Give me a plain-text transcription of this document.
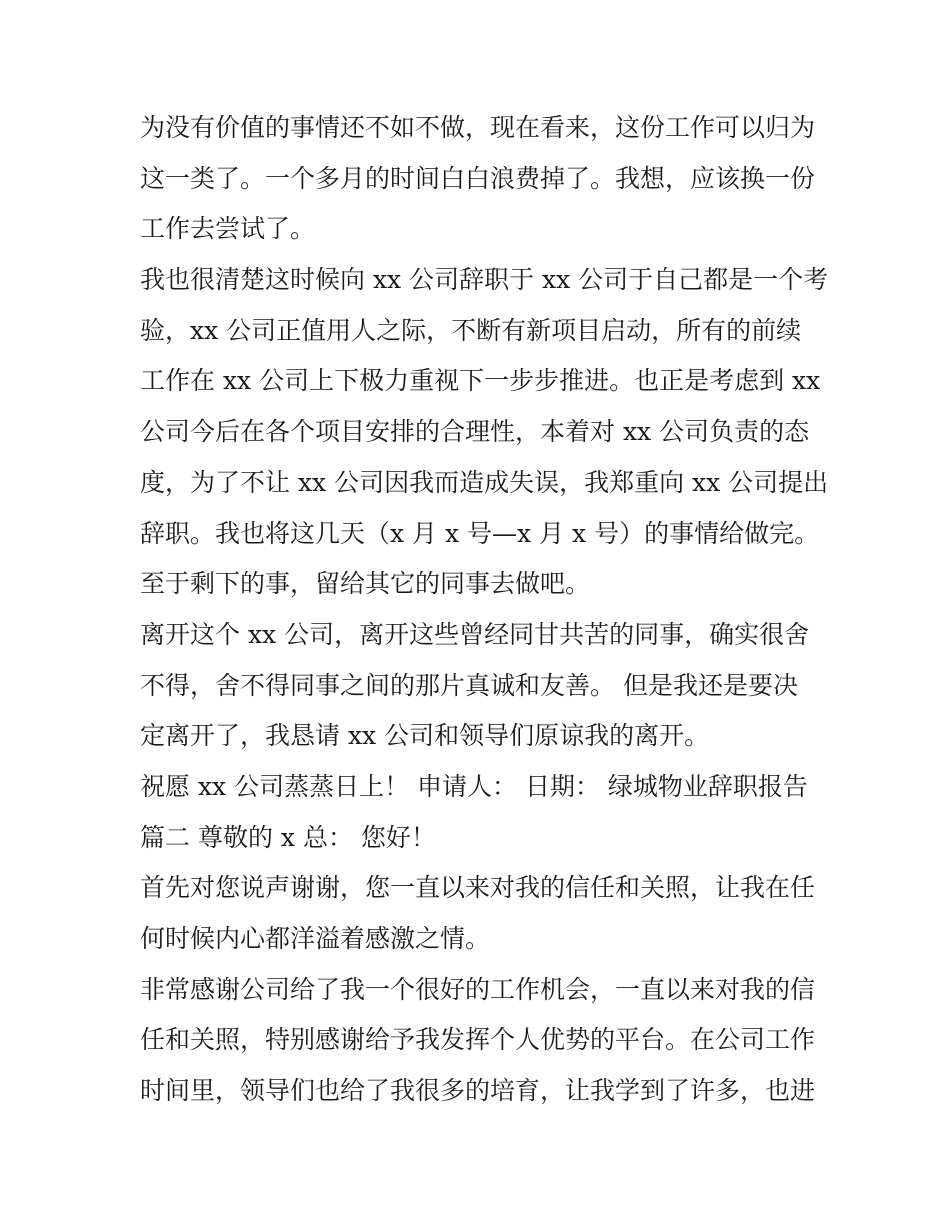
为没有价值的事情还不如不做，现在看来，这份工作可以归为
这一类了。一个多月的时间白白浪费掉了。我想，应该换一份
工作去尝试了。
我也很清楚这时候向 xx 公司辞职于 xx 公司于自己都是一个考
验，xx 公司正值用人之际，不断有新项目启动，所有的前续
工作在 xx 公司上下极力重视下一步步推进。也正是考虑到 xx
公司今后在各个项目安排的合理性，本着对 xx 公司负责的态
度，为了不让 xx 公司因我而造成失误，我郑重向 xx 公司提出
辞职。我也将这几天（x 月 x 号—x 月 x 号）的事情给做完。
至于剩下的事，留给其它的同事去做吧。
离开这个 xx 公司，离开这些曾经同甘共苦的同事，确实很舍
不得，舍不得同事之间的那片真诚和友善。 但是我还是要决
定离开了，我恳请 xx 公司和领导们原谅我的离开。
祝愿 xx 公司蒸蒸日上！ 申请人： 日期： 绿城物业辞职报告
篇二 尊敬的 x 总： 您好！
首先对您说声谢谢，您一直以来对我的信任和关照，让我在任
何时候内心都洋溢着感激之情。
非常感谢公司给了我一个很好的工作机会，一直以来对我的信
任和关照，特别感谢给予我发挥个人优势的平台。在公司工作
时间里，领导们也给了我很多的培育，让我学到了许多，也进
